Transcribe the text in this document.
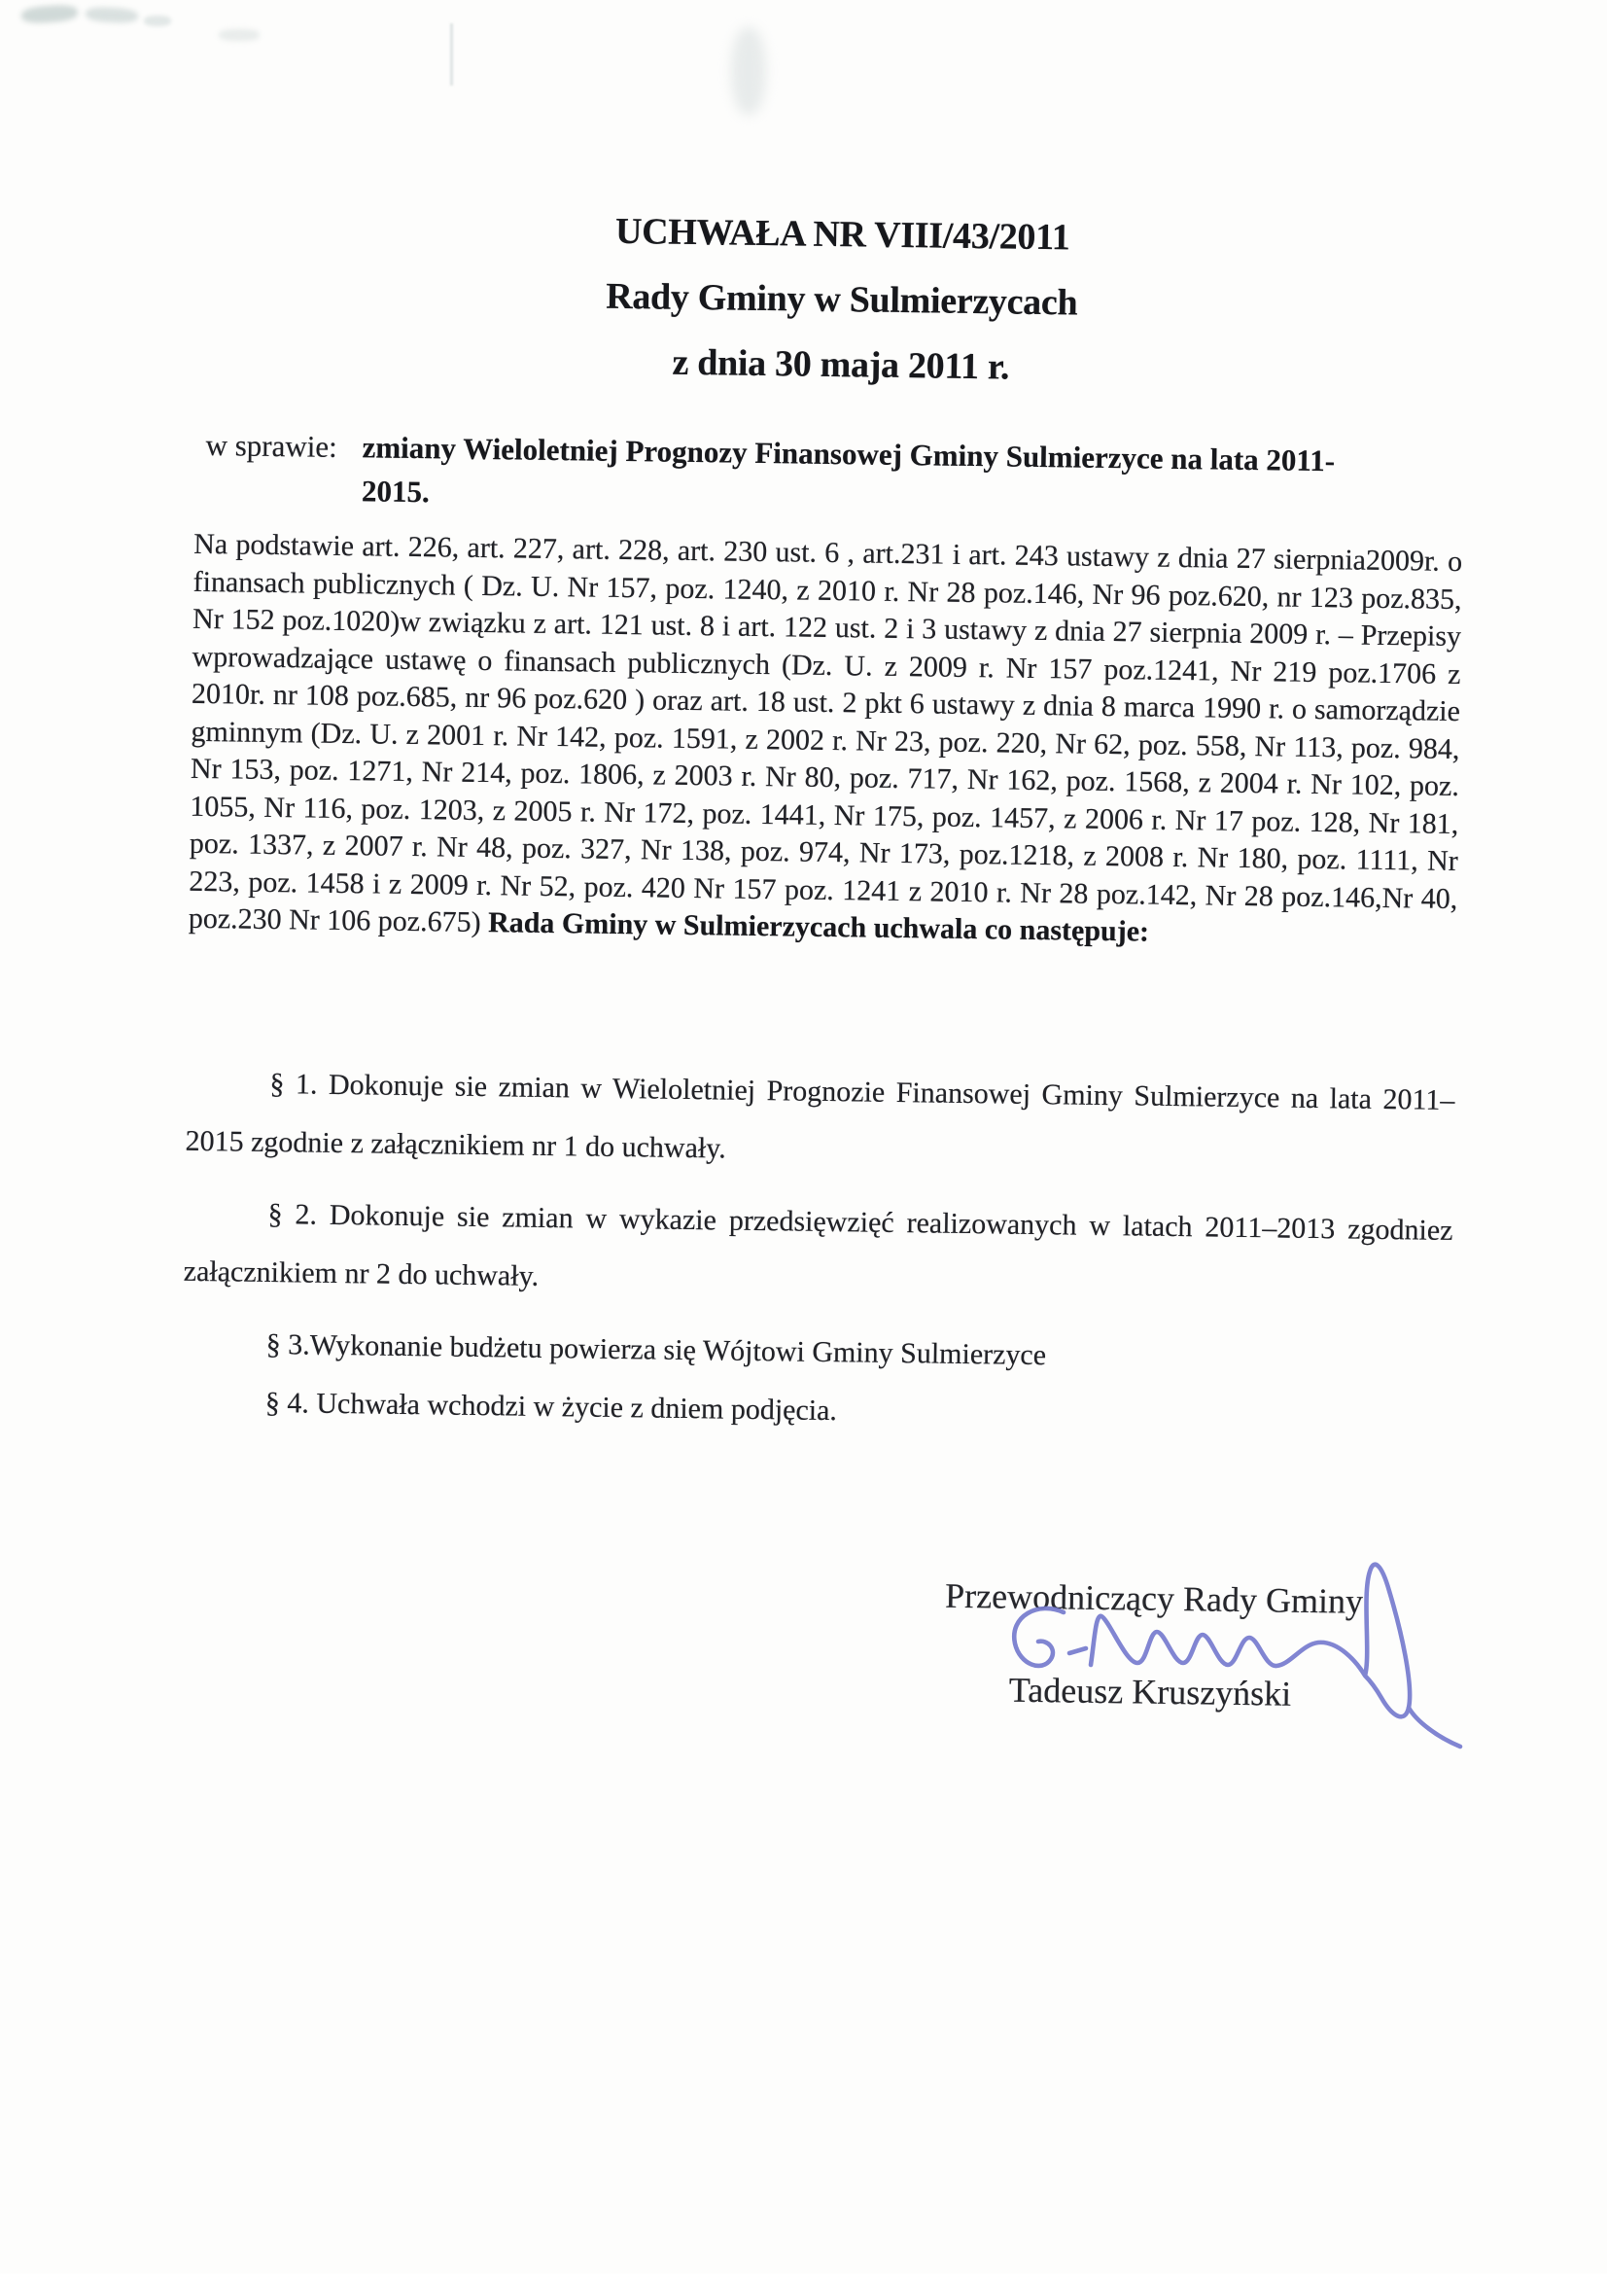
UCHWAŁA NR VIII/43/2011
Rady Gminy w Sulmierzycach
z dnia 30 maja 2011 r.
w sprawie: zmiany Wieloletniej Prognozy Finansowej Gminy Sulmierzyce na lata 2011-2015.
Na podstawie art. 226, art. 227, art. 228, art. 230 ust. 6 , art.231 i art. 243 ustawy z dnia 27 sierpnia2009r. o finansach publicznych ( Dz. U. Nr 157, poz. 1240, z 2010 r. Nr 28 poz.146, Nr 96 poz.620, nr 123 poz.835, Nr 152 poz.1020)w związku z art. 121 ust. 8 i art. 122 ust. 2 i 3 ustawy z dnia 27 sierpnia 2009 r. – Przepisy wprowadzające ustawę o finansach publicznych (Dz. U. z 2009 r. Nr 157 poz.1241, Nr 219 poz.1706 z 2010r. nr 108 poz.685, nr 96 poz.620 ) oraz art. 18 ust. 2 pkt 6 ustawy z dnia 8 marca 1990 r. o samorządzie gminnym (Dz. U. z 2001 r. Nr 142, poz. 1591, z 2002 r. Nr 23, poz. 220, Nr 62, poz. 558, Nr 113, poz. 984, Nr 153, poz. 1271, Nr 214, poz. 1806, z 2003 r. Nr 80, poz. 717, Nr 162, poz. 1568, z 2004 r. Nr 102, poz. 1055, Nr 116, poz. 1203, z 2005 r. Nr 172, poz. 1441, Nr 175, poz. 1457, z 2006 r. Nr 17 poz. 128, Nr 181, poz. 1337, z 2007 r. Nr 48, poz. 327, Nr 138, poz. 974, Nr 173, poz.1218, z 2008 r. Nr 180, poz. 1111, Nr 223, poz. 1458 i z 2009 r. Nr 52, poz. 420 Nr 157 poz. 1241 z 2010 r. Nr 28 poz.142, Nr 28 poz.146,Nr 40, poz.230 Nr 106 poz.675) Rada Gminy w Sulmierzycach uchwala co następuje:

§ 1. Dokonuje sie zmian w Wieloletniej Prognozie Finansowej Gminy Sulmierzyce na lata 2011–2015 zgodnie z załącznikiem nr 1 do uchwały.

§ 2. Dokonuje sie zmian w wykazie przedsięwzięć realizowanych w latach 2011–2013 zgodniez załącznikiem nr 2 do uchwały.

§ 3.Wykonanie budżetu powierza się Wójtowi Gminy Sulmierzyce

§ 4. Uchwała wchodzi w życie z dniem podjęcia.

Przewodniczący Rady Gminy
Tadeusz Kruszyński
